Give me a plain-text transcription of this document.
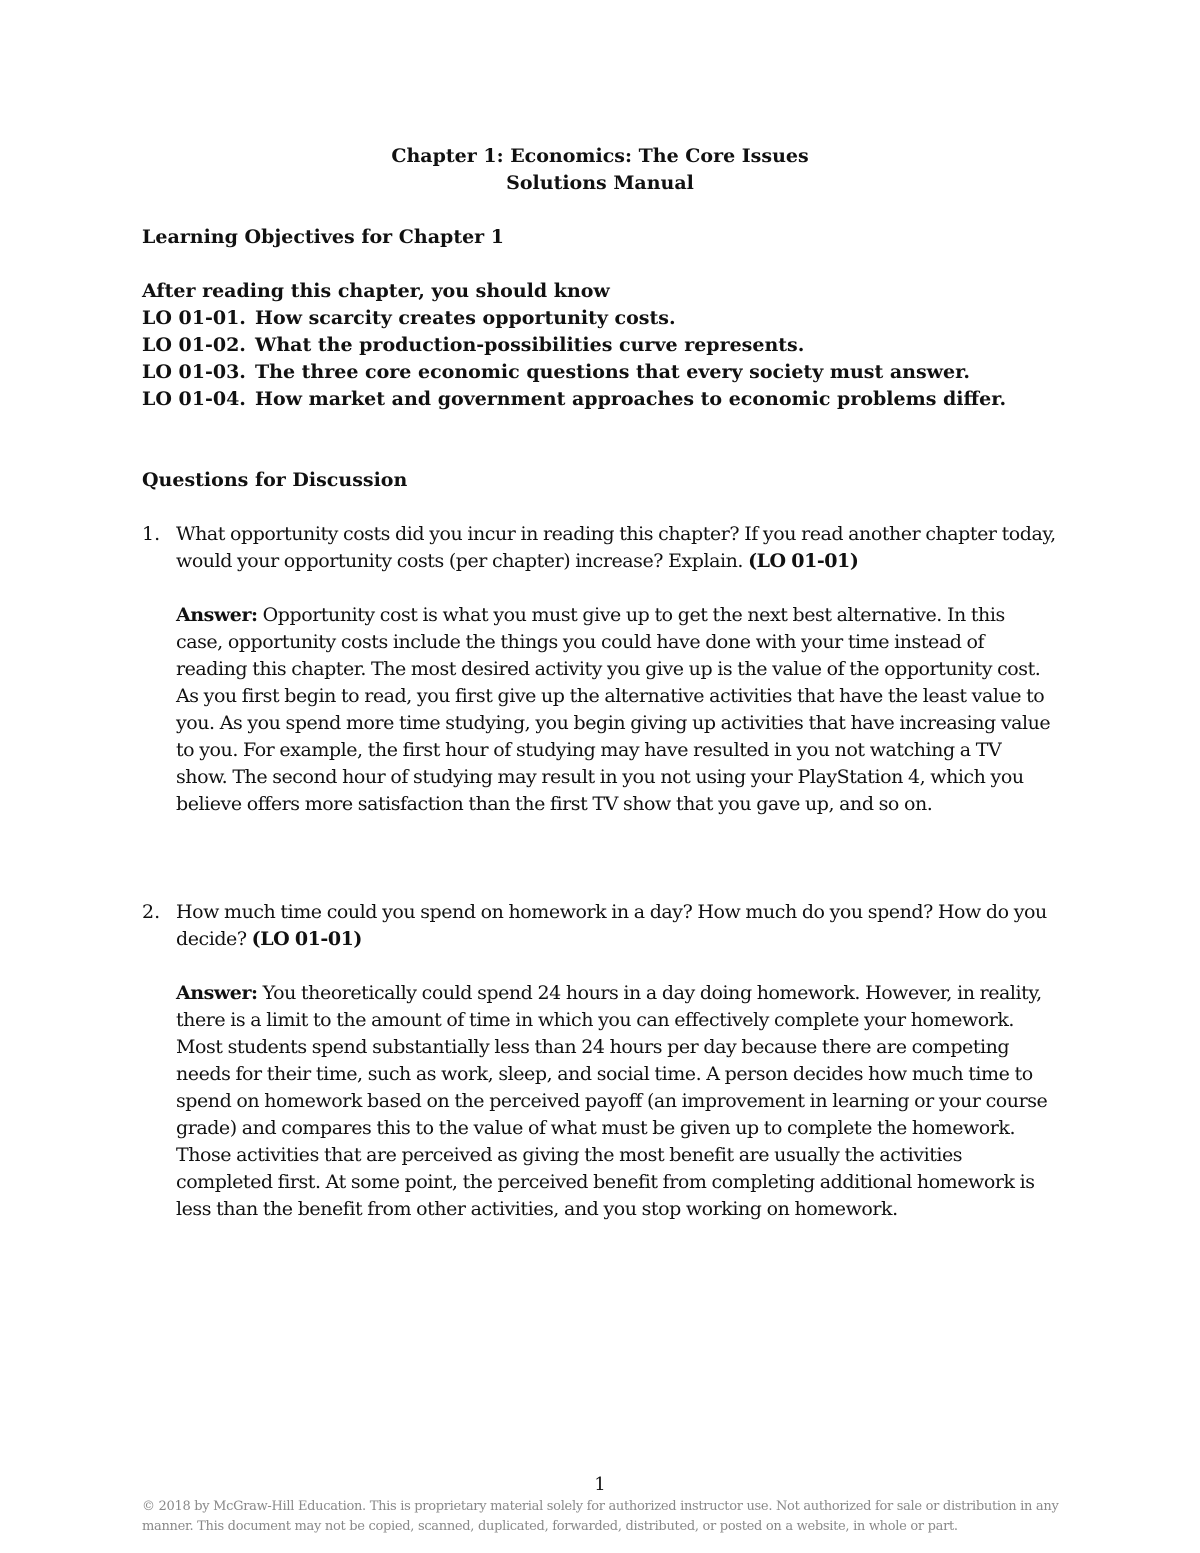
Chapter 1: Economics: The Core Issues
Solutions Manual
Learning Objectives for Chapter 1
After reading this chapter, you should know
LO 01-01. How scarcity creates opportunity costs.
LO 01-02. What the production-possibilities curve represents.
LO 01-03. The three core economic questions that every society must answer.
LO 01-04. How market and government approaches to economic problems differ.
Questions for Discussion
1. What opportunity costs did you incur in reading this chapter? If you read another chapter today, would your opportunity costs (per chapter) increase? Explain. (LO 01-01)
Answer: Opportunity cost is what you must give up to get the next best alternative. In this case, opportunity costs include the things you could have done with your time instead of reading this chapter. The most desired activity you give up is the value of the opportunity cost. As you first begin to read, you first give up the alternative activities that have the least value to you. As you spend more time studying, you begin giving up activities that have increasing value to you. For example, the first hour of studying may have resulted in you not watching a TV show. The second hour of studying may result in you not using your PlayStation 4, which you believe offers more satisfaction than the first TV show that you gave up, and so on.
2. How much time could you spend on homework in a day? How much do you spend? How do you decide? (LO 01-01)
Answer: You theoretically could spend 24 hours in a day doing homework. However, in reality, there is a limit to the amount of time in which you can effectively complete your homework. Most students spend substantially less than 24 hours per day because there are competing needs for their time, such as work, sleep, and social time. A person decides how much time to spend on homework based on the perceived payoff (an improvement in learning or your course grade) and compares this to the value of what must be given up to complete the homework. Those activities that are perceived as giving the most benefit are usually the activities completed first. At some point, the perceived benefit from completing additional homework is less than the benefit from other activities, and you stop working on homework.
1
© 2018 by McGraw-Hill Education. This is proprietary material solely for authorized instructor use. Not authorized for sale or distribution in any manner. This document may not be copied, scanned, duplicated, forwarded, distributed, or posted on a website, in whole or part.
